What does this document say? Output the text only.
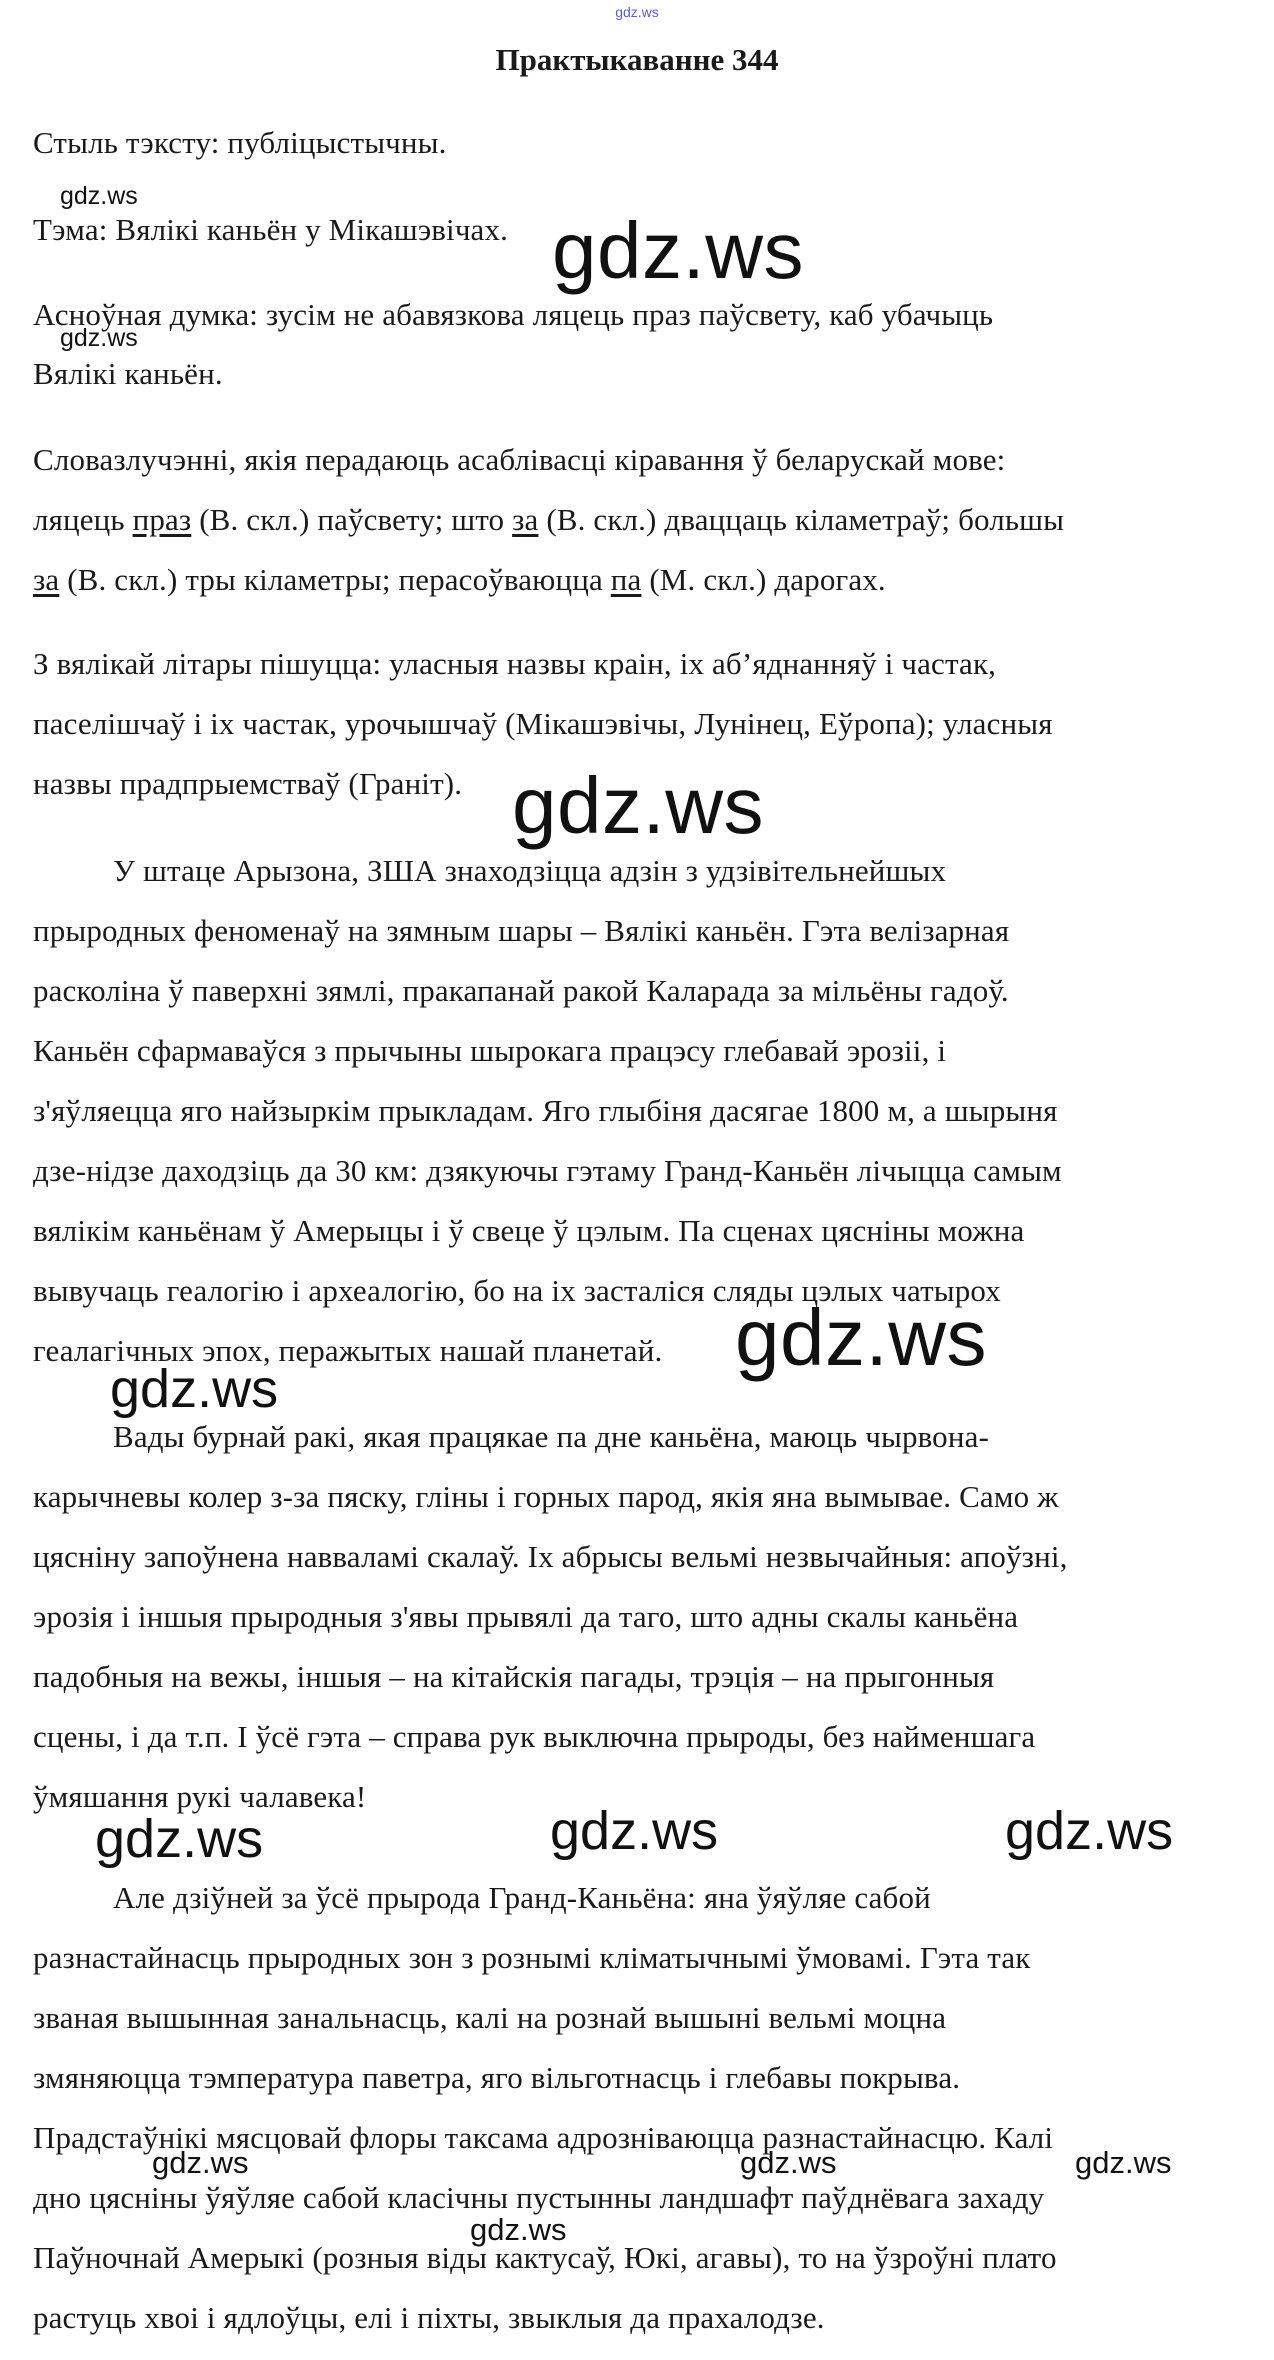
gdz.ws
Практыкаванне 344
Стыль тэксту: публіцыстычны.
Тэма: Вялікі каньён у Мікашэвічах.
Асноўная думка: зусім не абавязкова ляцець праз паўсвету, каб убачыць
Вялікі каньён.
Словазлучэнні, якія перадаюць асаблівасці кіравання ў беларускай мове:
ляцець праз (В. скл.) паўсвету; што за (В. скл.) дваццаць кіламетраў; большы
за (В. скл.) тры кіламетры; перасоўваюцца па (М. скл.) дарогах.
З вялікай літары пішуцца: уласныя назвы краін, іх аб’яднанняў і частак,
паселішчаў і іх частак, урочышчаў (Мікашэвічы, Лунінец, Еўропа); уласныя
назвы прадпрыемстваў (Граніт).
У штаце Арызона, ЗША знаходзіцца адзін з удзівітельнейшых
прыродных феноменаў на зямным шары – Вялікі каньён. Гэта велізарная
расколіна ў паверхні зямлі, пракапанай ракой Каларада за мільёны гадоў.
Каньён сфармаваўся з прычыны шырокага працэсу глебавай эрозіі, і
з'яўляецца яго найзыркім прыкладам. Яго глыбіня дасягае 1800 м, а шырыня
дзе-нідзе даходзіць да 30 км: дзякуючы гэтаму Гранд-Каньён лічыцца самым
вялікім каньёнам ў Амерыцы і ў свеце ў цэлым. Па сценах цясніны можна
вывучаць геалогію і археалогію, бо на іх засталіся сляды цэлых чатырох
геалагічных эпох, перажытых нашай планетай.
Вады бурнай ракі, якая працякае па дне каньёна, маюць чырвона-
карычневы колер з-за пяску, гліны і горных парод, якія яна вымывае. Само ж
цясніну запоўнена навваламі скалаў. Іх абрысы вельмі незвычайныя: апоўзні,
эрозія і іншыя прыродныя з'явы прывялі да таго, што адны скалы каньёна
падобныя на вежы, іншыя – на кітайскія пагады, трэція – на прыгонныя
сцены, і да т.п. І ўсё гэта – справа рук выключна прыроды, без найменшага
ўмяшання рукі чалавека!
Але дзіўней за ўсё прырода Гранд-Каньёна: яна ўяўляе сабой
разнастайнасць прыродных зон з рознымі кліматычнымі ўмовамі. Гэта так
званая вышынная занальнасць, калі на рознай вышыні вельмі моцна
змяняюцца тэмпература паветра, яго вільготнасць і глебавы покрыва.
Прадстаўнікі мясцовай флоры таксама адрозніваюцца разнастайнасцю. Калі
дно цясніны ўяўляе сабой класічны пустынны ландшафт паўднёвага захаду
Паўночнай Амерыкі (розныя віды кактусаў, Юкі, агавы), то на ўзроўні плато
растуць хвоі і ядлоўцы, елі і піхты, звыклыя да прахалодзе.
gdz.ws
gdz.ws
gdz.ws
gdz.ws
gdz.ws
gdz.ws
gdz.ws	gdz.ws	gdz.ws
gdz.ws	gdz.ws	gdz.ws
gdz.ws
